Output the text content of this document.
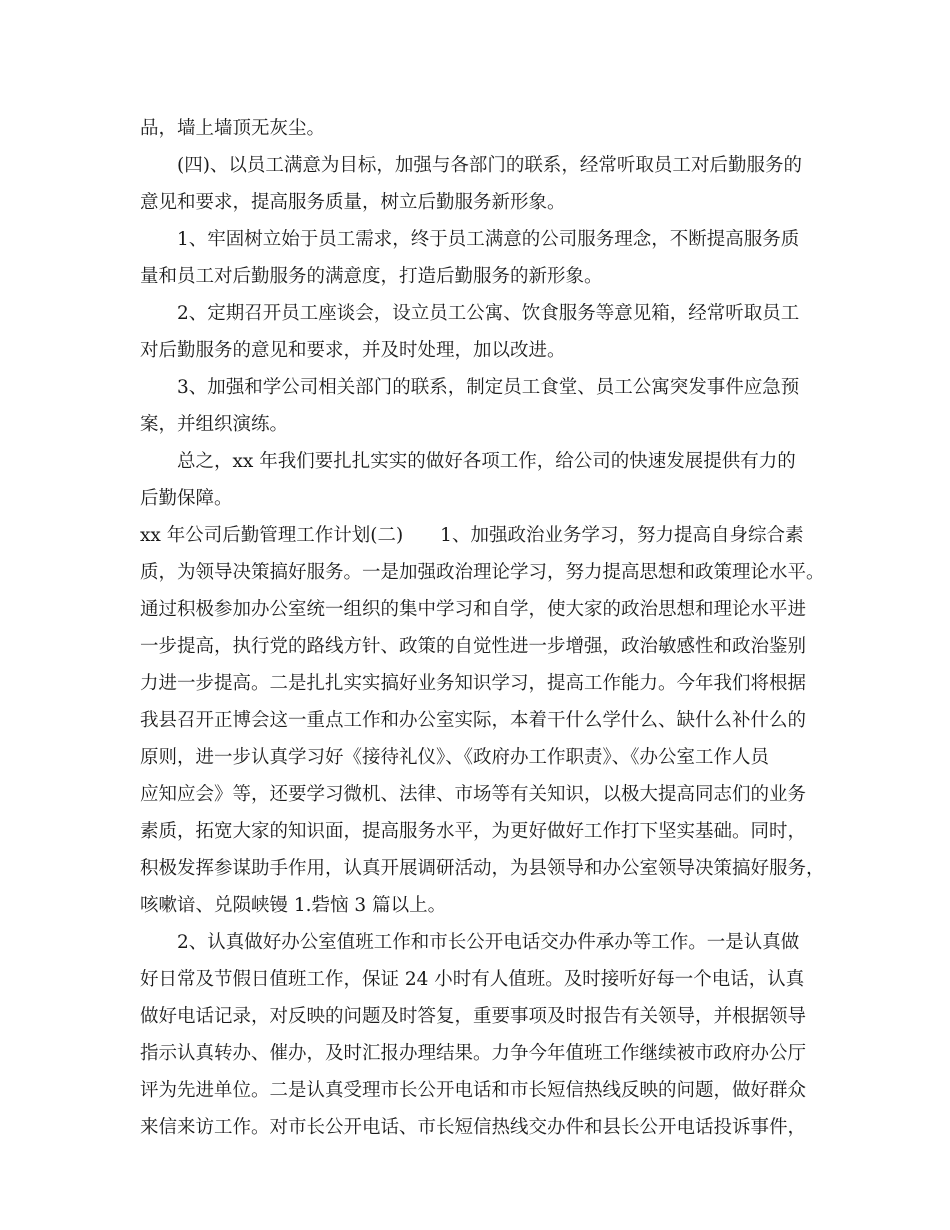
品，墙上墙顶无灰尘。
(四)、以员工满意为目标，加强与各部门的联系，经常听取员工对后勤服务的
意见和要求，提高服务质量，树立后勤服务新形象。
1、牢固树立始于员工需求，终于员工满意的公司服务理念，不断提高服务质
量和员工对后勤服务的满意度，打造后勤服务的新形象。
2、定期召开员工座谈会，设立员工公寓、饮食服务等意见箱，经常听取员工
对后勤服务的意见和要求，并及时处理，加以改进。
3、加强和学公司相关部门的联系，制定员工食堂、员工公寓突发事件应急预
案，并组织演练。
总之，xx 年我们要扎扎实实的做好各项工作，给公司的快速发展提供有力的
后勤保障。
xx 年公司后勤管理工作计划(二)　　1、加强政治业务学习，努力提高自身综合素
质，为领导决策搞好服务。一是加强政治理论学习，努力提高思想和政策理论水平。
通过积极参加办公室统一组织的集中学习和自学，使大家的政治思想和理论水平进
一步提高，执行党的路线方针、政策的自觉性进一步增强，政治敏感性和政治鉴别
力进一步提高。二是扎扎实实搞好业务知识学习，提高工作能力。今年我们将根据
我县召开正博会这一重点工作和办公室实际，本着干什么学什么、缺什么补什么的
原则，进一步认真学习好《接待礼仪》、《政府办工作职责》、《办公室工作人员
应知应会》等，还要学习微机、法律、市场等有关知识，以极大提高同志们的业务
素质，拓宽大家的知识面，提高服务水平，为更好做好工作打下坚实基础。同时，
积极发挥参谋助手作用，认真开展调研活动，为县领导和办公室领导决策搞好服务，
咳嗽谙、兑陨峡镘 1.砦恼 3 篇以上。
2、认真做好办公室值班工作和市长公开电话交办件承办等工作。一是认真做
好日常及节假日值班工作，保证 24 小时有人值班。及时接听好每一个电话，认真
做好电话记录，对反映的问题及时答复，重要事项及时报告有关领导，并根据领导
指示认真转办、催办，及时汇报办理结果。力争今年值班工作继续被市政府办公厅
评为先进单位。二是认真受理市长公开电话和市长短信热线反映的问题，做好群众
来信来访工作。对市长公开电话、市长短信热线交办件和县长公开电话投诉事件，
